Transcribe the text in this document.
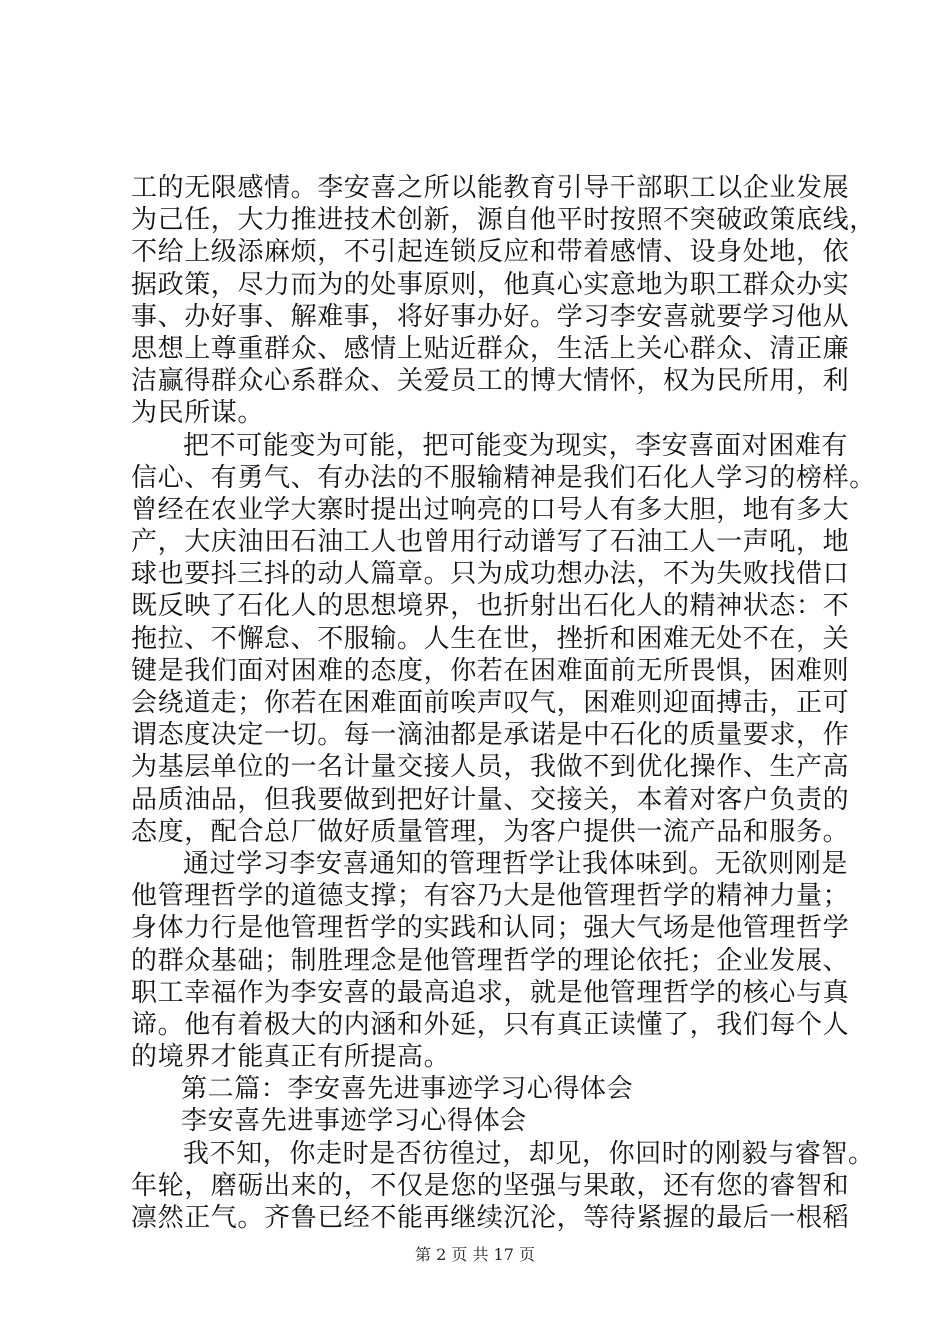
工的无限感情。李安喜之所以能教育引导干部职工以企业发展
为己任，大力推进技术创新，源自他平时按照不突破政策底线，
不给上级添麻烦，不引起连锁反应和带着感情、设身处地，依
据政策，尽力而为的处事原则，他真心实意地为职工群众办实
事、办好事、解难事，将好事办好。学习李安喜就要学习他从
思想上尊重群众、感情上贴近群众，生活上关心群众、清正廉
洁赢得群众心系群众、关爱员工的博大情怀，权为民所用，利
为民所谋。
把不可能变为可能，把可能变为现实，李安喜面对困难有
信心、有勇气、有办法的不服输精神是我们石化人学习的榜样。
曾经在农业学大寨时提出过响亮的口号人有多大胆，地有多大
产，大庆油田石油工人也曾用行动谱写了石油工人一声吼，地
球也要抖三抖的动人篇章。只为成功想办法，不为失败找借口
既反映了石化人的思想境界，也折射出石化人的精神状态：不
拖拉、不懈怠、不服输。人生在世，挫折和困难无处不在，关
键是我们面对困难的态度，你若在困难面前无所畏惧，困难则
会绕道走；你若在困难面前唉声叹气，困难则迎面搏击，正可
谓态度决定一切。每一滴油都是承诺是中石化的质量要求，作
为基层单位的一名计量交接人员，我做不到优化操作、生产高
品质油品，但我要做到把好计量、交接关，本着对客户负责的
态度，配合总厂做好质量管理，为客户提供一流产品和服务。
通过学习李安喜通知的管理哲学让我体味到。无欲则刚是
他管理哲学的道德支撑；有容乃大是他管理哲学的精神力量；
身体力行是他管理哲学的实践和认同；强大气场是他管理哲学
的群众基础；制胜理念是他管理哲学的理论依托；企业发展、
职工幸福作为李安喜的最高追求，就是他管理哲学的核心与真
谛。他有着极大的内涵和外延，只有真正读懂了，我们每个人
的境界才能真正有所提高。
第二篇：李安喜先进事迹学习心得体会
李安喜先进事迹学习心得体会
我不知，你走时是否彷徨过，却见，你回时的刚毅与睿智。
年轮，磨砺出来的，不仅是您的坚强与果敢，还有您的睿智和
凛然正气。齐鲁已经不能再继续沉沦，等待紧握的最后一根稻
第 2 页 共 17 页
